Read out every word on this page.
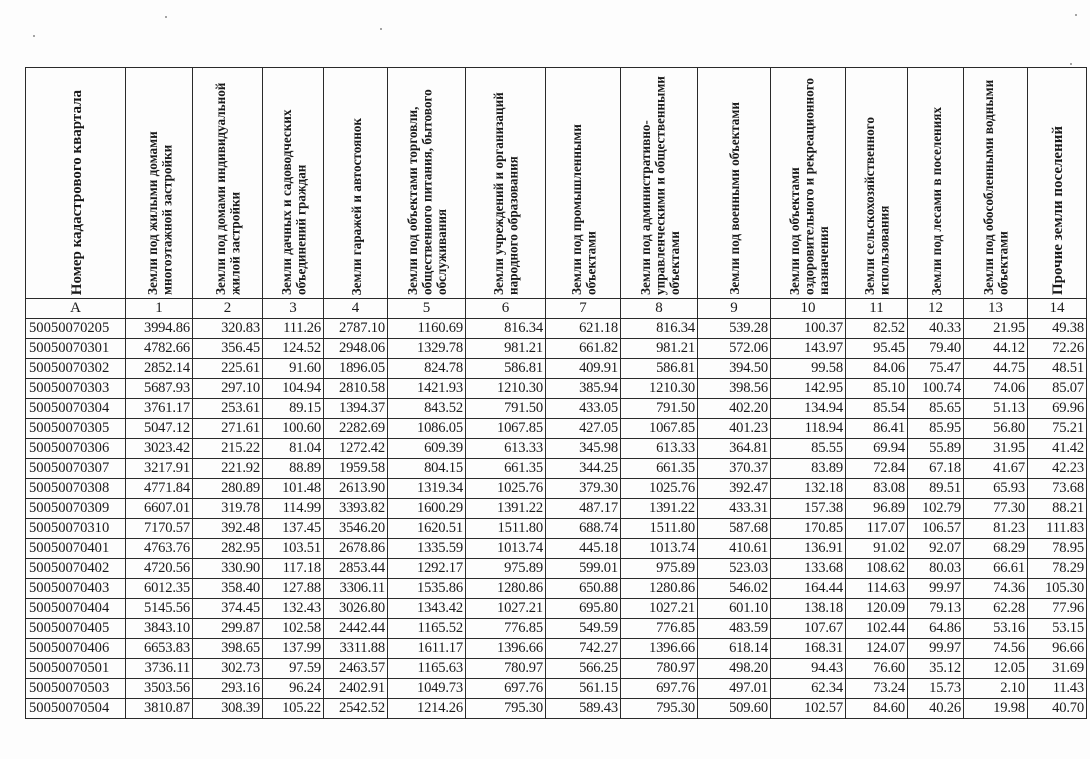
Номер кадастрового квартала	Земли под жилыми домами многоэтажной застройки	Земли под домами индивидуальной жилой застройки	Земли дачных и садоводческих объединений граждан	Земли гаражей и автостоянок	Земли под объектами торговли, общественного питания, бытового обслуживания	Земли учреждений и организаций народного образования	Земли под промышленными объектами	Земли под административно-управленческими и общественными объектами	Земли под военными объектами	Земли под объектами оздоровительного и рекреационного назначения	Земли сельскохозяйственного использования	Земли под лесами в поселениях	Земли под обособленными водными объектами	Прочие земли поселений

A	1	2	3	4	5	6	7	8	9	10	11	12	13	14
50050070205	3994.86	320.83	111.26	2787.10	1160.69	816.34	621.18	816.34	539.28	100.37	82.52	40.33	21.95	49.38
50050070301	4782.66	356.45	124.52	2948.06	1329.78	981.21	661.82	981.21	572.06	143.97	95.45	79.40	44.12	72.26
50050070302	2852.14	225.61	91.60	1896.05	824.78	586.81	409.91	586.81	394.50	99.58	84.06	75.47	44.75	48.51
50050070303	5687.93	297.10	104.94	2810.58	1421.93	1210.30	385.94	1210.30	398.56	142.95	85.10	100.74	74.06	85.07
50050070304	3761.17	253.61	89.15	1394.37	843.52	791.50	433.05	791.50	402.20	134.94	85.54	85.65	51.13	69.96
50050070305	5047.12	271.61	100.60	2282.69	1086.05	1067.85	427.05	1067.85	401.23	118.94	86.41	85.95	56.80	75.21
50050070306	3023.42	215.22	81.04	1272.42	609.39	613.33	345.98	613.33	364.81	85.55	69.94	55.89	31.95	41.42
50050070307	3217.91	221.92	88.89	1959.58	804.15	661.35	344.25	661.35	370.37	83.89	72.84	67.18	41.67	42.23
50050070308	4771.84	280.89	101.48	2613.90	1319.34	1025.76	379.30	1025.76	392.47	132.18	83.08	89.51	65.93	73.68
50050070309	6607.01	319.78	114.99	3393.82	1600.29	1391.22	487.17	1391.22	433.31	157.38	96.89	102.79	77.30	88.21
50050070310	7170.57	392.48	137.45	3546.20	1620.51	1511.80	688.74	1511.80	587.68	170.85	117.07	106.57	81.23	111.83
50050070401	4763.76	282.95	103.51	2678.86	1335.59	1013.74	445.18	1013.74	410.61	136.91	91.02	92.07	68.29	78.95
50050070402	4720.56	330.90	117.18	2853.44	1292.17	975.89	599.01	975.89	523.03	133.68	108.62	80.03	66.61	78.29
50050070403	6012.35	358.40	127.88	3306.11	1535.86	1280.86	650.88	1280.86	546.02	164.44	114.63	99.97	74.36	105.30
50050070404	5145.56	374.45	132.43	3026.80	1343.42	1027.21	695.80	1027.21	601.10	138.18	120.09	79.13	62.28	77.96
50050070405	3843.10	299.87	102.58	2442.44	1165.52	776.85	549.59	776.85	483.59	107.67	102.44	64.86	53.16	53.15
50050070406	6653.83	398.65	137.99	3311.88	1611.17	1396.66	742.27	1396.66	618.14	168.31	124.07	99.97	74.56	96.66
50050070501	3736.11	302.73	97.59	2463.57	1165.63	780.97	566.25	780.97	498.20	94.43	76.60	35.12	12.05	31.69
50050070503	3503.56	293.16	96.24	2402.91	1049.73	697.76	561.15	697.76	497.01	62.34	73.24	15.73	2.10	11.43
50050070504	3810.87	308.39	105.22	2542.52	1214.26	795.30	589.43	795.30	509.60	102.57	84.60	40.26	19.98	40.70
